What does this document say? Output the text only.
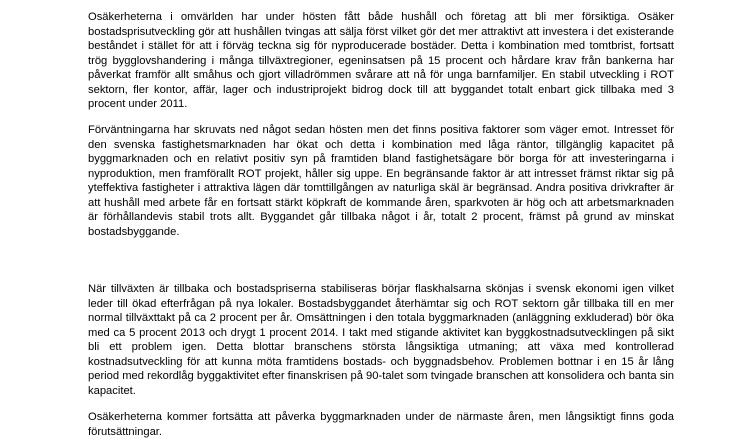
Osäkerheterna i omvärlden har under hösten fått både hushåll och företag att bli mer försiktiga. Osäker bostadsprisutveckling gör att hushållen tvingas att sälja först vilket gör det mer attraktivt att investera i det existerande beståndet i stället för att i förväg teckna sig för nyproducerade bostäder. Detta i kombination med tomtbrist, fortsatt trög bygglovshandering i många tillväxtregioner, egeninsatsen på 15 procent och hårdare krav från bankerna har påverkat framför allt småhus och gjort villadrömmen svårare att nå för unga barnfamiljer. En stabil utveckling i ROT sektorn, fler kontor, affär, lager och industriprojekt bidrog dock till att byggandet totalt enbart gick tillbaka med 3 procent under 2011.

Förväntningarna har skruvats ned något sedan hösten men det finns positiva faktorer som väger emot. Intresset för den svenska fastighetsmarknaden har ökat och detta i kombination med låga räntor, tillgänglig kapacitet på byggmarknaden och en relativt positiv syn på framtiden bland fastighetsägare bör borga för att investeringarna i nyproduktion, men framförallt ROT projekt, håller sig uppe. En begränsande faktor är att intresset främst riktar sig på yteffektiva fastigheter i attraktiva lägen där tomttillgången av naturliga skäl är begränsad. Andra positiva drivkrafter är att hushåll med arbete får en fortsatt stärkt köpkraft de kommande åren, sparkvoten är hög och att arbetsmarknaden är förhållandevis stabil trots allt. Byggandet går tillbaka något i år, totalt 2 procent, främst på grund av minskat bostadsbyggande.

När tillväxten är tillbaka och bostadspriserna stabiliseras börjar flaskhalsarna skönjas i svensk ekonomi igen vilket leder till ökad efterfrågan på nya lokaler. Bostadsbyggandet återhämtar sig och ROT sektorn går tillbaka till en mer normal tillväxttakt på ca 2 procent per år. Omsättningen i den totala byggmarknaden (anläggning exkluderad) bör öka med ca 5 procent 2013 och drygt 1 procent 2014. I takt med stigande aktivitet kan byggkostnadsutvecklingen på sikt bli ett problem igen. Detta blottar branschens största långsiktiga utmaning; att växa med kontrollerad kostnadsutveckling för att kunna möta framtidens bostads- och byggnadsbehov. Problemen bottnar i en 15 år lång period med rekordlåg byggaktivitet efter finanskrisen på 90-talet som tvingade branschen att konsolidera och banta sin kapacitet.

Osäkerheterna kommer fortsätta att påverka byggmarknaden under de närmaste åren, men långsiktigt finns goda förutsättningar.
